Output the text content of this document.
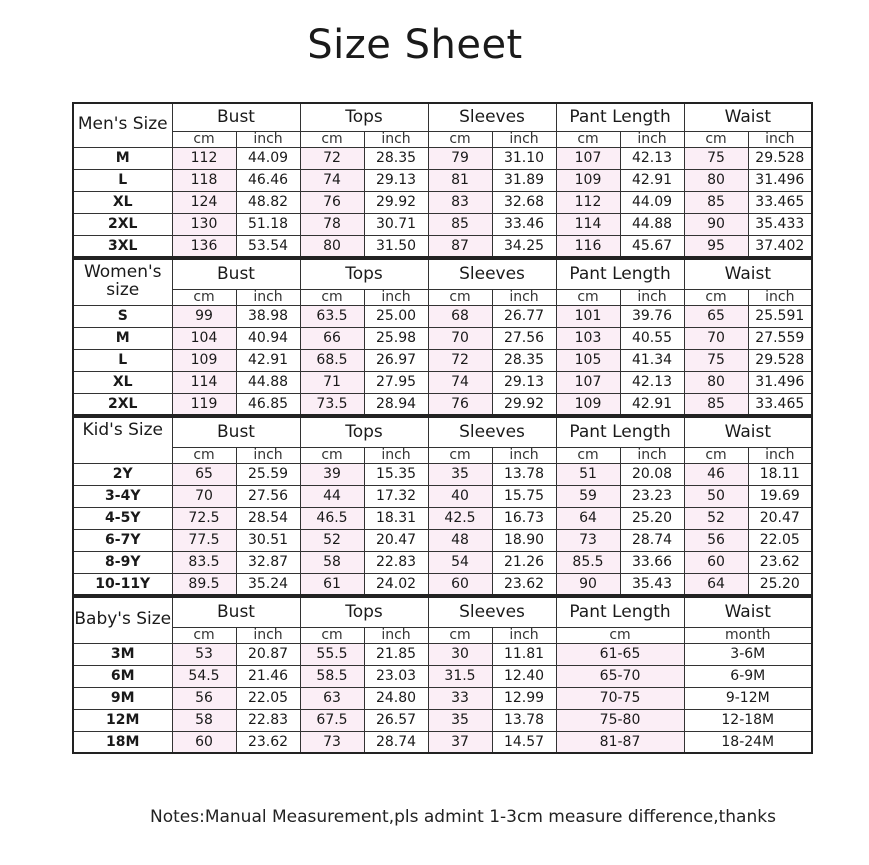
Size Sheet
Men's Size	Bust		Tops		Sleeves		Pant Length		Waist	
	cm	inch	cm	inch	cm	inch	cm	inch	cm	inch
M	112	44.09	72	28.35	79	31.10	107	42.13	75	29.528
L	118	46.46	74	29.13	81	31.89	109	42.91	80	31.496
XL	124	48.82	76	29.92	83	32.68	112	44.09	85	33.465
2XL	130	51.18	78	30.71	85	33.46	114	44.88	90	35.433
3XL	136	53.54	80	31.50	87	34.25	116	45.67	95	37.402
Women's size	Bust		Tops		Sleeves		Pant Length		Waist	
	cm	inch	cm	inch	cm	inch	cm	inch	cm	inch
S	99	38.98	63.5	25.00	68	26.77	101	39.76	65	25.591
M	104	40.94	66	25.98	70	27.56	103	40.55	70	27.559
L	109	42.91	68.5	26.97	72	28.35	105	41.34	75	29.528
XL	114	44.88	71	27.95	74	29.13	107	42.13	80	31.496
2XL	119	46.85	73.5	28.94	76	29.92	109	42.91	85	33.465
Kid's Size	Bust		Tops		Sleeves		Pant Length		Waist	
	cm	inch	cm	inch	cm	inch	cm	inch	cm	inch
2Y	65	25.59	39	15.35	35	13.78	51	20.08	46	18.11
3-4Y	70	27.56	44	17.32	40	15.75	59	23.23	50	19.69
4-5Y	72.5	28.54	46.5	18.31	42.5	16.73	64	25.20	52	20.47
6-7Y	77.5	30.51	52	20.47	48	18.90	73	28.74	56	22.05
8-9Y	83.5	32.87	58	22.83	54	21.26	85.5	33.66	60	23.62
10-11Y	89.5	35.24	61	24.02	60	23.62	90	35.43	64	25.20
Baby's Size	Bust		Tops		Sleeves		Pant Length	Waist
	cm	inch	cm	inch	cm	inch	cm	month
3M	53	20.87	55.5	21.85	30	11.81	61-65	3-6M
6M	54.5	21.46	58.5	23.03	31.5	12.40	65-70	6-9M
9M	56	22.05	63	24.80	33	12.99	70-75	9-12M
12M	58	22.83	67.5	26.57	35	13.78	75-80	12-18M
18M	60	23.62	73	28.74	37	14.57	81-87	18-24M
Notes:Manual Measurement,pls admint 1-3cm measure difference,thanks
